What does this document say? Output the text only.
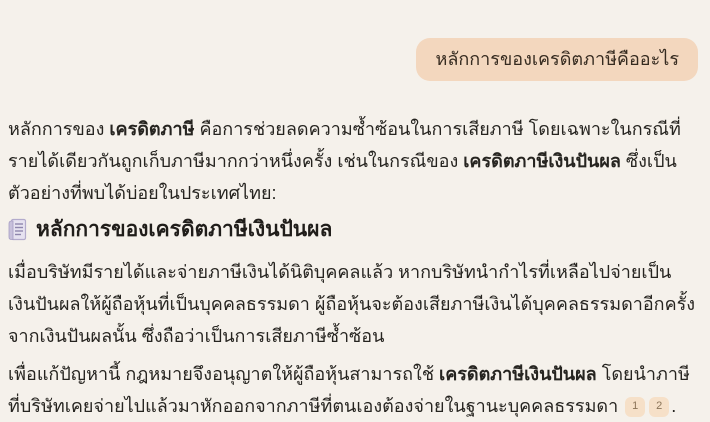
หลักการของเครดิตภาษีคืออะไร

หลักการของ เครดิตภาษี คือการช่วยลดความซ้ำซ้อนในการเสียภาษี โดยเฉพาะในกรณีที่รายได้เดียวกันถูกเก็บภาษีมากกว่าหนึ่งครั้ง เช่นในกรณีของ เครดิตภาษีเงินปันผล ซึ่งเป็นตัวอย่างที่พบได้บ่อยในประเทศไทย:

หลักการของเครดิตภาษีเงินปันผล

เมื่อบริษัทมีรายได้และจ่ายภาษีเงินได้นิติบุคคลแล้ว หากบริษัทนำกำไรที่เหลือไปจ่ายเป็นเงินปันผลให้ผู้ถือหุ้นที่เป็นบุคคลธรรมดา ผู้ถือหุ้นจะต้องเสียภาษีเงินได้บุคคลธรรมดาอีกครั้งจากเงินปันผลนั้น ซึ่งถือว่าเป็นการเสียภาษีซ้ำซ้อน

เพื่อแก้ปัญหานี้ กฎหมายจึงอนุญาตให้ผู้ถือหุ้นสามารถใช้ เครดิตภาษีเงินปันผล โดยนำภาษีที่บริษัทเคยจ่ายไปแล้วมาหักออกจากภาษีที่ตนเองต้องจ่ายในฐานะบุคคลธรรมดา 1 2 .
